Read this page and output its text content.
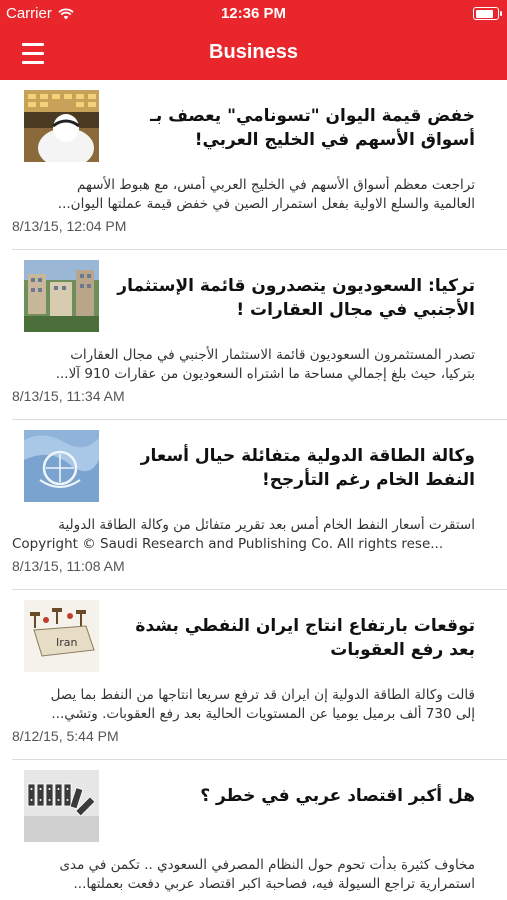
Carrier	12:36 PM
Business
خفض قيمة اليوان "تسونامي" يعصف بـ أسواق الأسهم في الخليج العربي!
تراجعت معظم أسواق الأسهم في الخليج العربي أمس، مع هبوط الأسهم
العالمية والسلع الاولية بفعل استمرار الصين في خفض قيمة عملتها اليوان...
8/13/15, 12:04 PM
تركيا: السعوديون يتصدرون قائمة الإستثمار الأجنبي في مجال العقارات !
تصدر المستثمرون السعوديون قائمة الاستثمار الأجنبي في مجال العقارات
بتركيا، حيث بلغ إجمالي مساحة ما اشتراه السعوديون من عقارات 910 آلا...
8/13/15, 11:34 AM
وكالة الطاقة الدولية متفائلة حيال أسعار النفط الخام رغم التأرجح!
استقرت أسعار النفط الخام أمس بعد تقرير متفائل من وكالة الطاقة الدولية
Copyright © Saudi Research and Publishing Co. All rights rese...
8/13/15, 11:08 AM
Iran
توقعات بارتفاع انتاج ايران النفطي بشدة بعد رفع العقوبات
قالت وكالة الطاقة الدولية إن ايران قد ترفع سريعا انتاجها من النفط بما يصل
إلى 730 ألف برميل يوميا عن المستويات الحالية بعد رفع العقوبات. وتشي...
8/12/15, 5:44 PM
هل أكبر اقتصاد عربي في خطر ؟
مخاوف كثيرة بدأت تحوم حول النظام المصرفي السعودي .. تكمن في مدى
استمرارية تراجع السيولة فيه، فصاحبة اكبر اقتصاد عربي دفعت بعملتها...
